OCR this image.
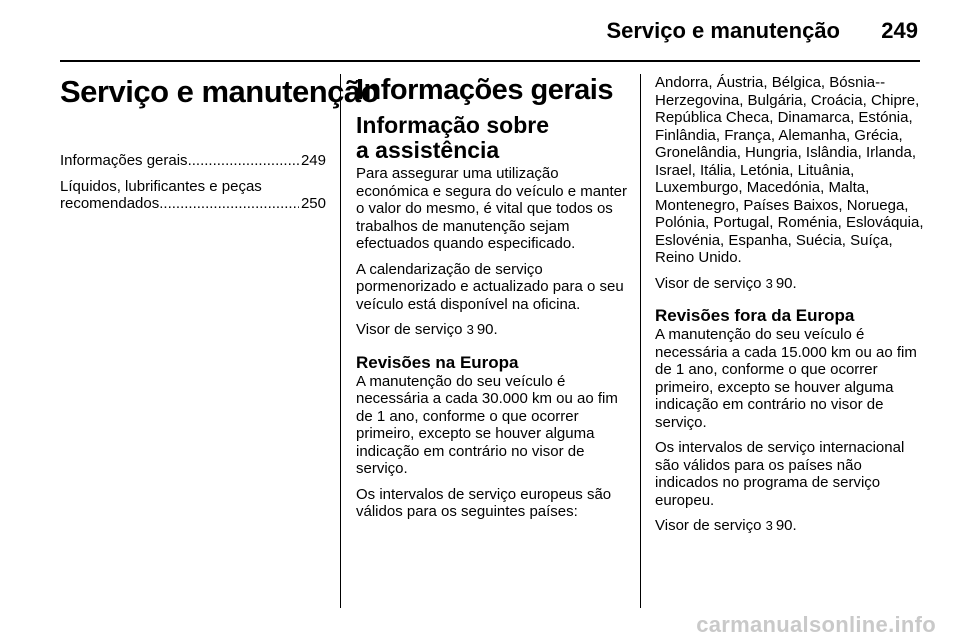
Serviço e manutenção 249
Serviço e manutenção
Informações gerais .....	249
Líquidos, lubrificantes e peças
recomendados .....	250
Informações gerais
Informação sobre
a assistência

Para assegurar uma utilização económica e segura do veículo e manter o valor do mesmo, é vital que todos os trabalhos de manutenção sejam efectuados quando especificado.

A calendarização de serviço pormenorizado e actualizado para o seu veículo está disponível na oficina.

Visor de serviço 3 90.

Revisões na Europa

A manutenção do seu veículo é necessária a cada 30.000 km ou ao fim de 1 ano, conforme o que ocorrer primeiro, excepto se houver alguma indicação em contrário no visor de serviço.

Os intervalos de serviço europeus são válidos para os seguintes países:

Andorra, Áustria, Bélgica, Bósnia--Herzegovina, Bulgária, Croácia, Chipre, República Checa, Dinamarca, Estónia, Finlândia, França, Alemanha, Grécia, Gronelândia, Hungria, Islândia, Irlanda, Israel, Itália, Letónia, Lituânia, Luxemburgo, Macedónia, Malta, Montenegro, Países Baixos, Noruega, Polónia, Portugal, Roménia, Eslováquia, Eslovénia, Espanha, Suécia, Suíça, Reino Unido.

Visor de serviço 3 90.

Revisões fora da Europa

A manutenção do seu veículo é necessária a cada 15.000 km ou ao fim de 1 ano, conforme o que ocorrer primeiro, excepto se houver alguma indicação em contrário no visor de serviço.

Os intervalos de serviço internacional são válidos para os países não indicados no programa de serviço europeu.

Visor de serviço 3 90.

carmanualsonline.info
